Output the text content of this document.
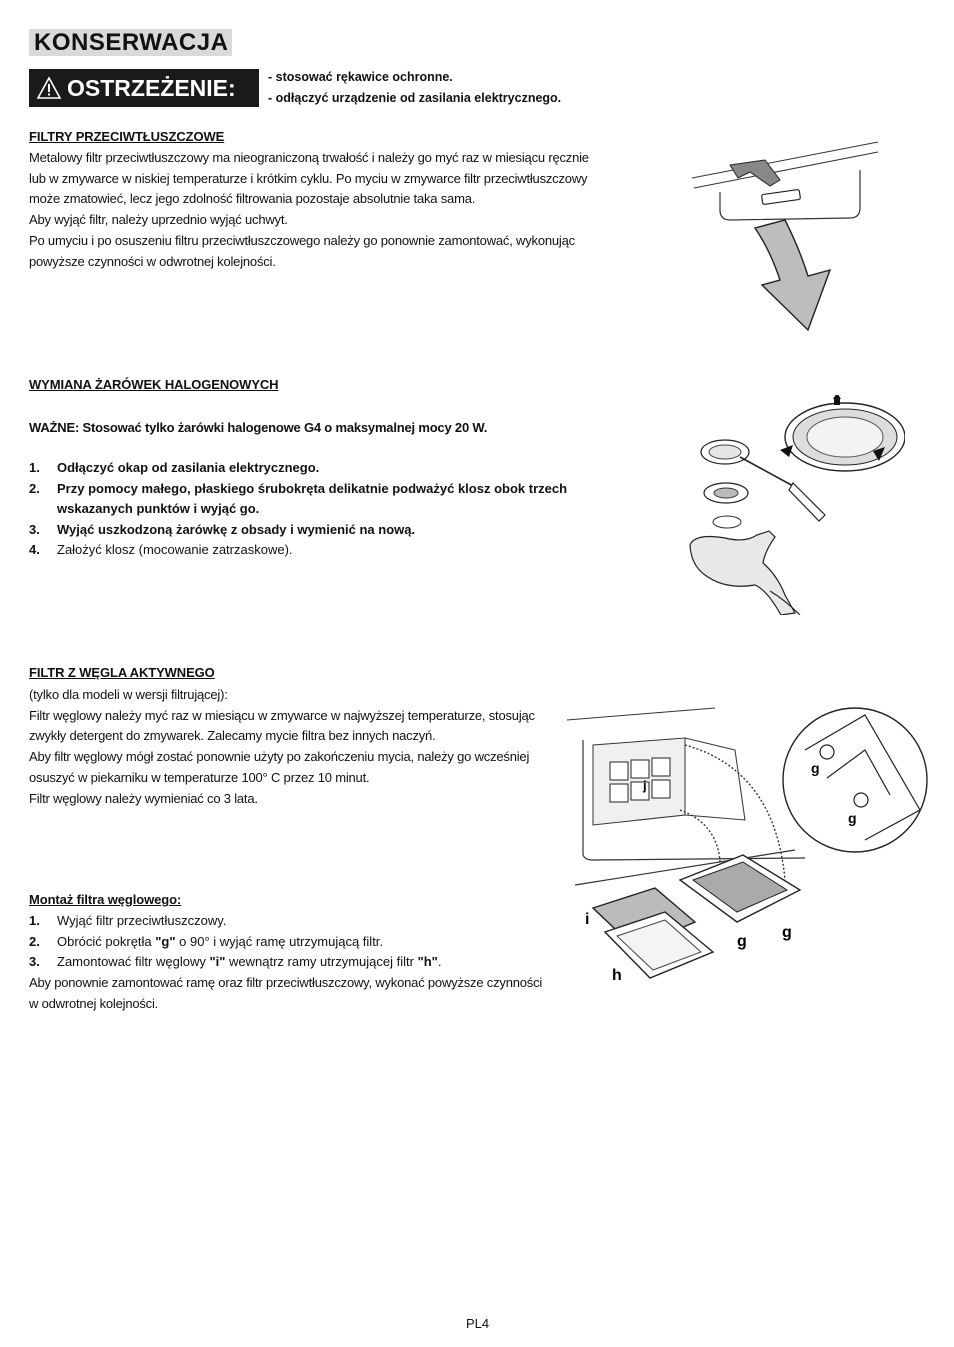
KONSERWACJA
OSTRZEŻENIE:	- stosować rękawice ochronne.
- odłączyć urządzenie od zasilania elektrycznego.
FILTRY PRZECIWTŁUSZCZOWE
Metalowy filtr przeciwtłuszczowy ma nieograniczoną trwałość i należy go myć raz w miesiącu ręcznie
lub w zmywarce w niskiej temperaturze i krótkim cyklu. Po myciu w zmywarce filtr przeciwtłuszczowy
może zmatowieć, lecz jego zdolność filtrowania pozostaje absolutnie taka sama.
Aby wyjąć filtr, należy uprzednio wyjąć uchwyt.
Po umyciu i po osuszeniu filtru przeciwtłuszczowego należy go ponownie zamontować, wykonując
powyższe czynności w odwrotnej kolejności.
WYMIANA ŻARÓWEK HALOGENOWYCH
WAŻNE: Stosować tylko żarówki halogenowe G4 o maksymalnej mocy 20 W.
1. Odłączyć okap od zasilania elektrycznego.
2. Przy pomocy małego, płaskiego śrubokręta delikatnie podważyć klosz obok trzech wskazanych punktów i wyjąć go.
3. Wyjąć uszkodzoną żarówkę z obsady i wymienić na nową.
4. Założyć klosz (mocowanie zatrzaskowe).
FILTR Z WĘGLA AKTYWNEGO
(tylko dla modeli w wersji filtrującej):
Filtr węglowy należy myć raz w miesiącu w zmywarce w najwyższej temperaturze, stosując
zwykły detergent do zmywarek. Zalecamy mycie filtra bez innych naczyń.
Aby filtr węglowy mógł zostać ponownie użyty po zakończeniu mycia, należy go wcześniej
osuszyć w piekarniku w temperaturze 100° C przez 10 minut.
Filtr węglowy należy wymieniać co 3 lata.
Montaż filtra węglowego:
1. Wyjąć filtr przeciwtłuszczowy.
2. Obrócić pokrętła "g" o 90° i wyjąć ramę utrzymującą filtr.
3. Zamontować filtr węglowy "i" wewnątrz ramy utrzymującej filtr "h".
Aby ponownie zamontować ramę oraz filtr przeciwtłuszczowy, wykonać powyższe czynności
w odwrotnej kolejności.
g
g
i
h
g
g
j
PL4
